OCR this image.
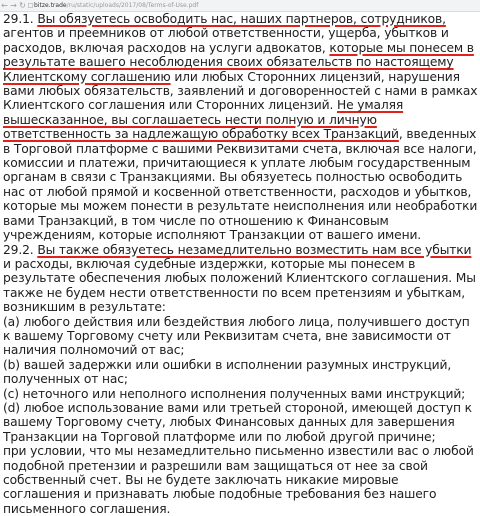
← → ↻ □ bitze.trade/ru/static/uploads/2017/08/Terms-of-Use.pdf

29.1. Вы обязуетесь освободить нас, наших партнеров, сотрудников, агентов и преемников от любой ответственности, ущерба, убытков и расходов, включая расходов на услуги адвокатов, которые мы понесем в результате вашего несоблюдения своих обязательств по настоящему Клиентскому соглашению или любых Сторонних лицензий, нарушения вами любых обязательств, заявлений и договоренностей с нами в рамках Клиентского соглашения или Сторонних лицензий. Не умаляя вышесказанное, вы соглашаетесь нести полную и личную ответственность за надлежащую обработку всех Транзакций, введенных в Торговой платформе с вашими Реквизитами счета, включая все налоги, комиссии и платежи, причитающиеся к уплате любым государственным органам в связи с Транзакциями. Вы обязуетесь полностью освободить нас от любой прямой и косвенной ответственности, расходов и убытков, которые мы можем понести в результате неисполнения или необработки вами Транзакций, в том числе по отношению к Финансовым учреждениям, которые исполняют Транзакции от вашего имени.

29.2. Вы также обязуетесь незамедлительно возместить нам все убытки и расходы, включая судебные издержки, которые мы понесем в результате обеспечения любых положений Клиентского соглашения. Мы также не будем нести ответственности по всем претензиям и убыткам, возникшим в результате:

(a) любого действия или бездействия любого лица, получившего доступ к вашему Торговому счету или Реквизитам счета, вне зависимости от наличия полномочий от вас;

(b) вашей задержки или ошибки в исполнении разумных инструкций, полученных от нас;

(c) неточного или неполного исполнения полученных вами инструкций;

(d) любое использование вами или третьей стороной, имеющей доступ к вашему Торговому счету, любых Финансовых данных для завершения Транзакции на Торговой платформе или по любой другой причине;

при условии, что мы незамедлительно письменно известили вас о любой подобной претензии и разрешили вам защищаться от нее за свой собственный счет. Вы не будете заключать никакие мировые соглашения и признавать любые подобные требования без нашего письменного соглашения.
